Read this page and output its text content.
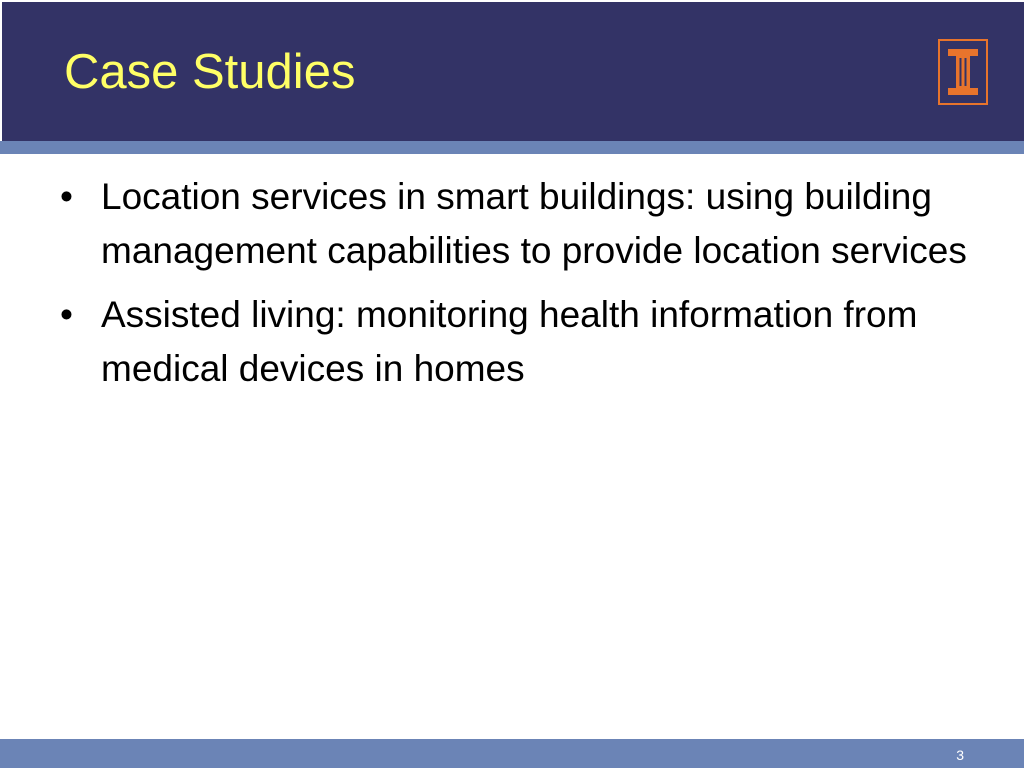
Case Studies
• Location services in smart buildings: using building management capabilities to provide location services
• Assisted living: monitoring health information from medical devices in homes
3
